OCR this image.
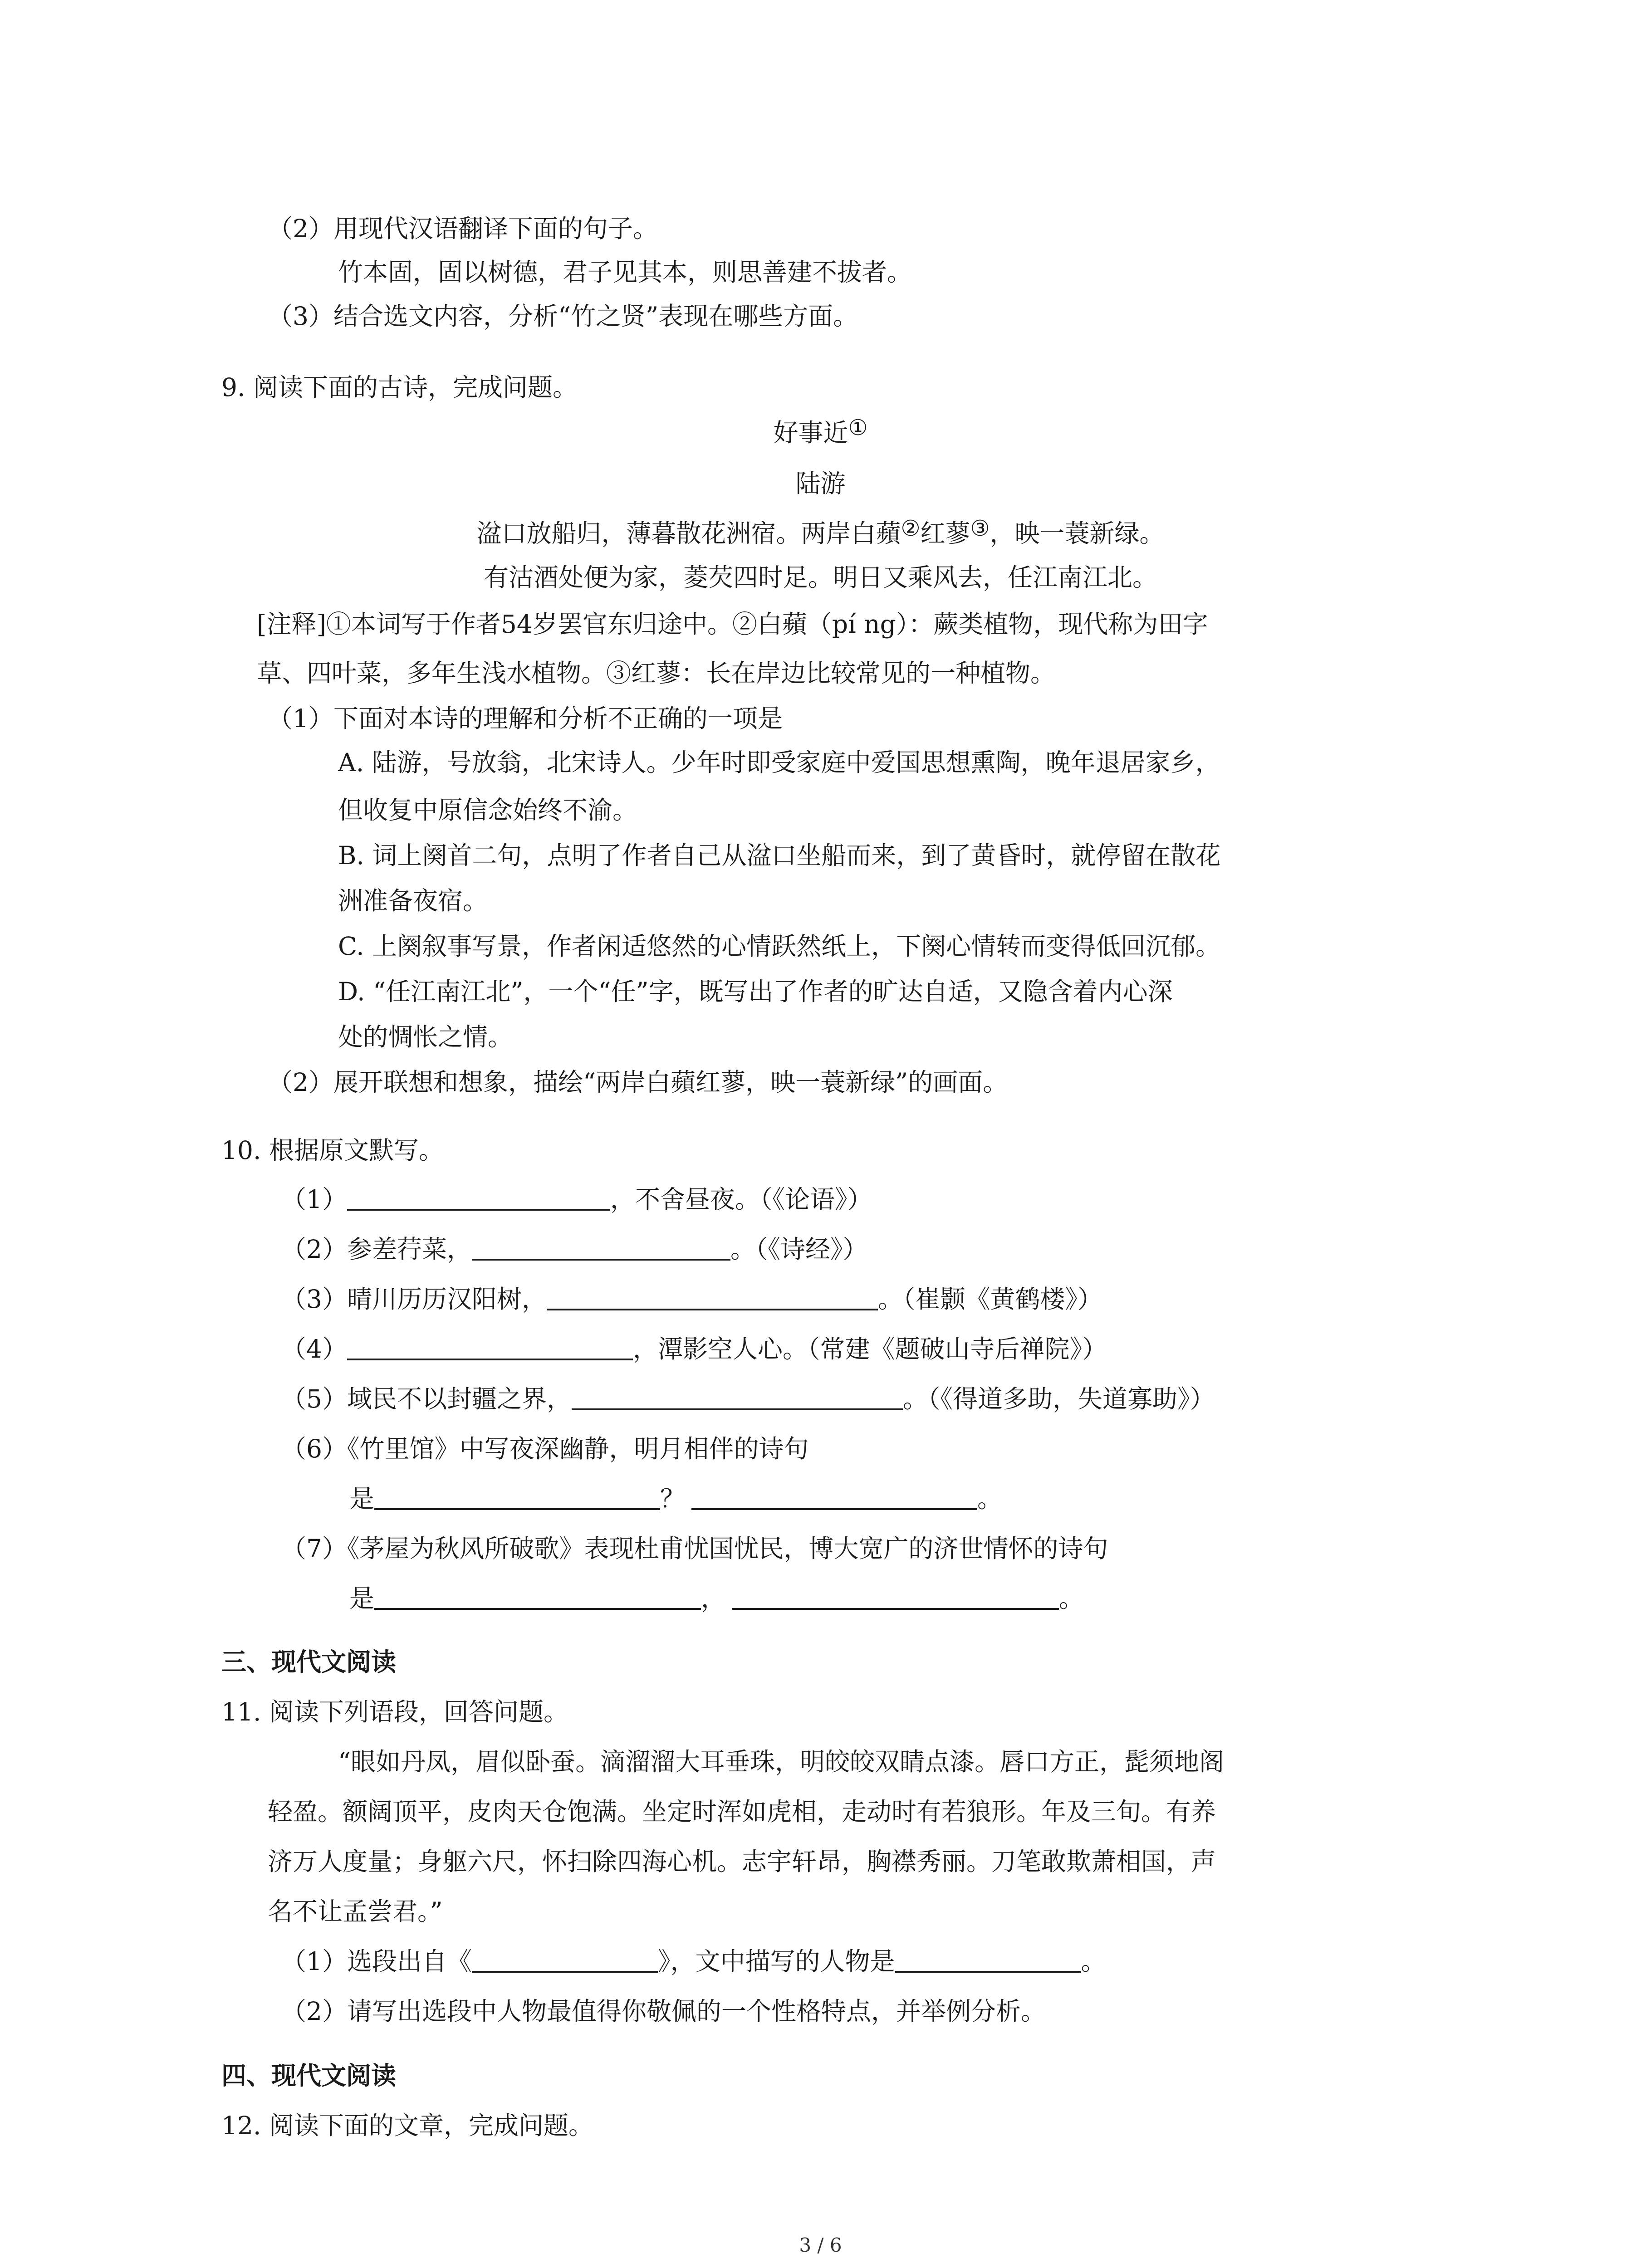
（2）用现代汉语翻译下面的句子。
竹本固，固以树德，君子见其本，则思善建不拔者。
（3）结合选文内容，分析“竹之贤”表现在哪些方面。
9. 阅读下面的古诗，完成问题。
好事近①
陆游
湓口放船归，薄暮散花洲宿。两岸白蘋②红蓼③，映一蓑新绿。
有沽酒处便为家，菱芡四时足。明日又乘风去，任江南江北。
[注释]①本词写于作者54岁罢官东归途中。②白蘋（pí ng）：蕨类植物，现代称为田字
草、四叶菜，多年生浅水植物。③红蓼：长在岸边比较常见的一种植物。
（1）下面对本诗的理解和分析不正确的一项是
A. 陆游，号放翁，北宋诗人。少年时即受家庭中爱国思想熏陶，晚年退居家乡，
但收复中原信念始终不渝。
B. 词上阕首二句，点明了作者自己从湓口坐船而来，到了黄昏时，就停留在散花
洲准备夜宿。
C. 上阕叙事写景，作者闲适悠然的心情跃然纸上，下阕心情转而变得低回沉郁。
D. “任江南江北”，一个“任”字，既写出了作者的旷达自适，又隐含着内心深
处的惆怅之情。
（2）展开联想和想象，描绘“两岸白蘋红蓼，映一蓑新绿”的画面。
10. 根据原文默写。
（1）	，不舍昼夜。（《论语》）
（2）参差荇菜，	。（《诗经》）
（3）晴川历历汉阳树，	。（崔颢《黄鹤楼》）
（4）	，潭影空人心。（常建《题破山寺后禅院》）
（5）域民不以封疆之界，	。（《得道多助，失道寡助》）
（6）《竹里馆》中写夜深幽静，明月相伴的诗句
是	？	。
（7）《茅屋为秋风所破歌》表现杜甫忧国忧民，博大宽广的济世情怀的诗句
是	，	。
三、现代文阅读
11. 阅读下列语段，回答问题。
“眼如丹凤，眉似卧蚕。滴溜溜大耳垂珠，明皎皎双睛点漆。唇口方正，髭须地阁
轻盈。额阔顶平，皮肉天仓饱满。坐定时浑如虎相，走动时有若狼形。年及三旬。有养
济万人度量；身躯六尺，怀扫除四海心机。志宇轩昂，胸襟秀丽。刀笔敢欺萧相国，声
名不让孟尝君。”
（1）选段出自《	》，文中描写的人物是	。
（2）请写出选段中人物最值得你敬佩的一个性格特点，并举例分析。
四、现代文阅读
12. 阅读下面的文章，完成问题。
3 / 6
